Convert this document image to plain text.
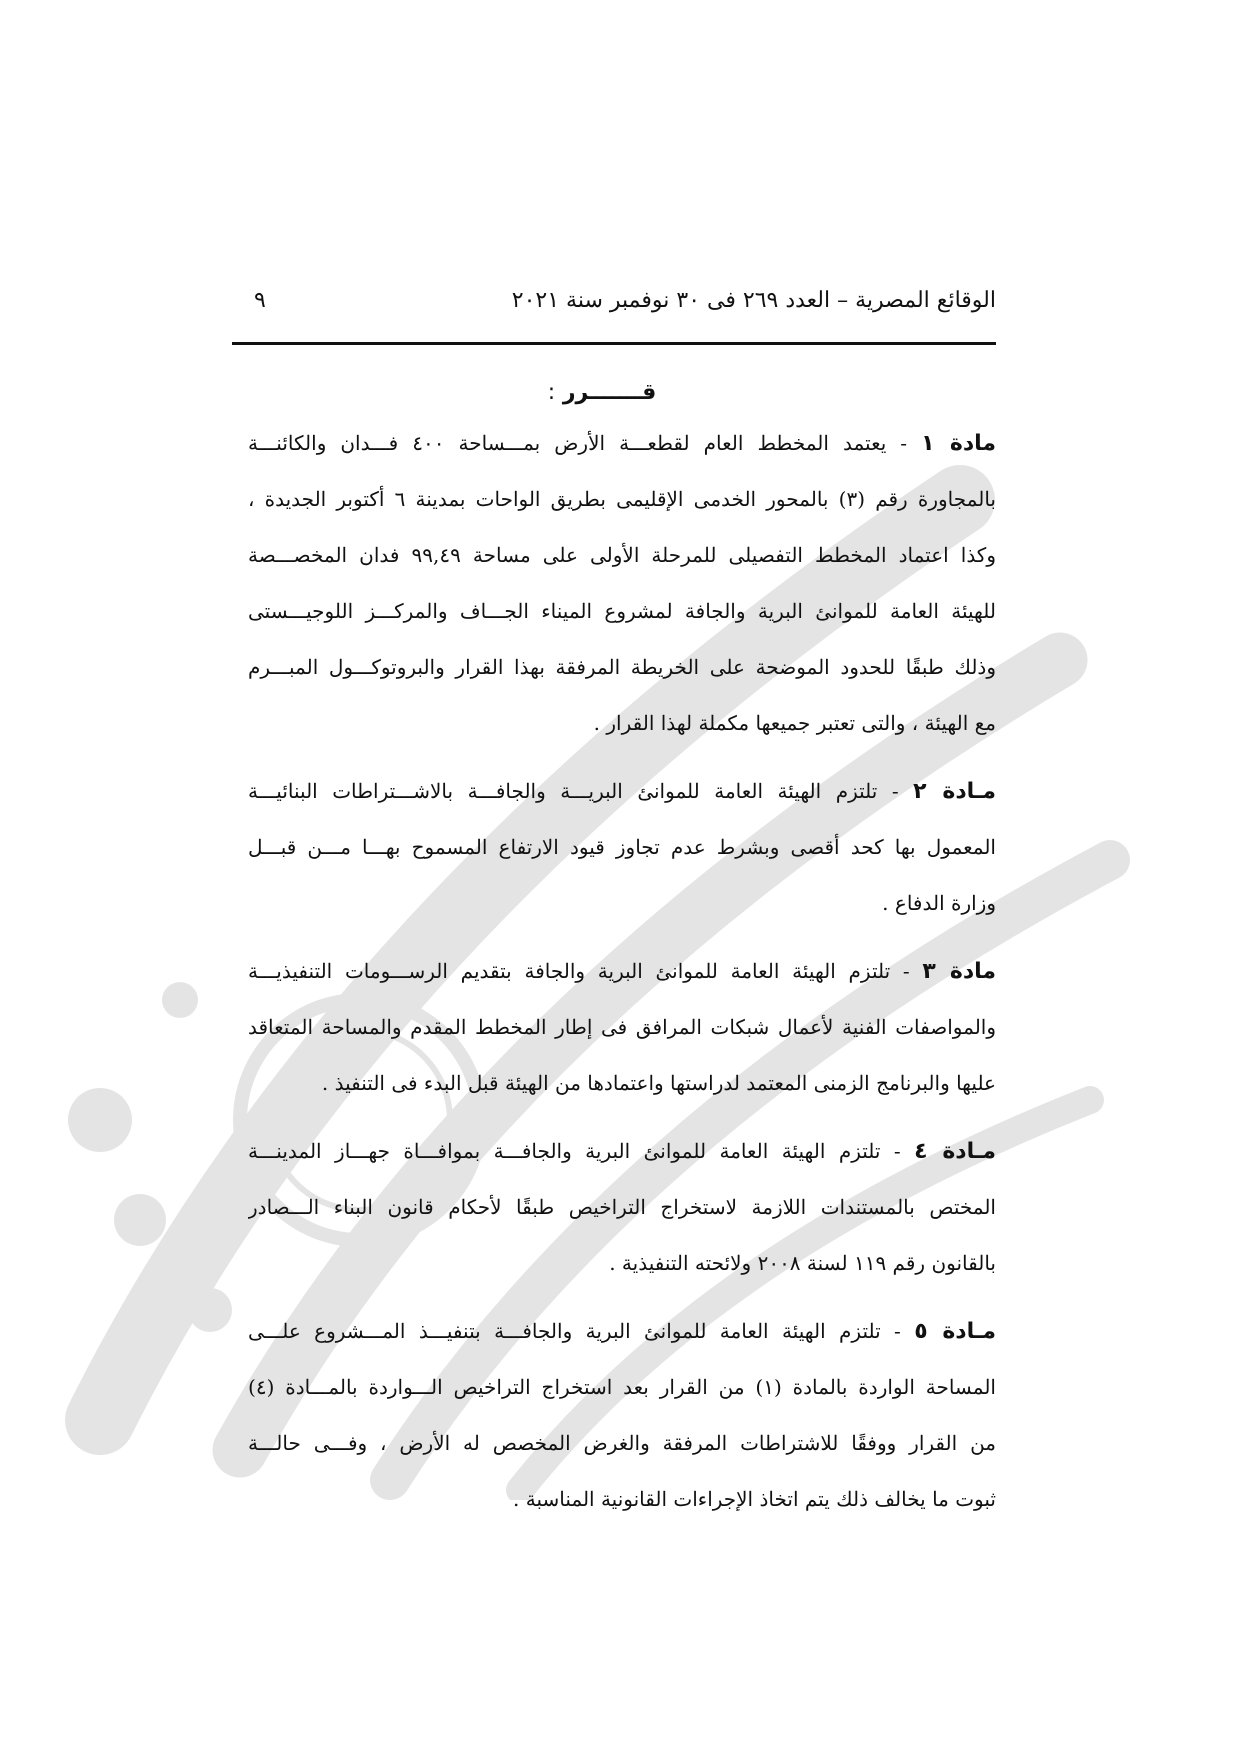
الوقائع المصرية – العدد ٢٦٩ فى ٣٠ نوفمبر سنة ٢٠٢١
٩
قـــــــرر :
مادة ١ - يعتمد المخطط العام لقطعـــة الأرض بمـــساحة ٤٠٠ فـــدان والكائنـــة
بالمجاورة رقم (٣) بالمحور الخدمى الإقليمى بطريق الواحات بمدينة ٦ أكتوبر الجديدة ،
وكذا اعتماد المخطط التفصيلى للمرحلة الأولى على مساحة ٩٩,٤٩ فدان المخصـــصة
للهيئة العامة للموانئ البرية والجافة لمشروع الميناء الجـــاف والمركـــز اللوجيـــستى
وذلك طبقًا للحدود الموضحة على الخريطة المرفقة بهذا القرار والبروتوكـــول المبـــرم
مع الهيئة ، والتى تعتبر جميعها مكملة لهذا القرار .
مـادة ٢ - تلتزم الهيئة العامة للموانئ البريـــة والجافـــة بالاشـــتراطات البنائيـــة
المعمول بها كحد أقصى وبشرط عدم تجاوز قيود الارتفاع المسموح بهـــا مـــن قبـــل
وزارة الدفاع .
مادة ٣ - تلتزم الهيئة العامة للموانئ البرية والجافة بتقديم الرســـومات التنفيذيـــة
والمواصفات الفنية لأعمال شبكات المرافق فى إطار المخطط المقدم والمساحة المتعاقد
عليها والبرنامج الزمنى المعتمد لدراستها واعتمادها من الهيئة قبل البدء فى التنفيذ .
مـادة ٤ - تلتزم الهيئة العامة للموانئ البرية والجافـــة بموافـــاة جهـــاز المدينـــة
المختص بالمستندات اللازمة لاستخراج التراخيص طبقًا لأحكام قانون البناء الـــصادر
بالقانون رقم ١١٩ لسنة ٢٠٠٨ ولائحته التنفيذية .
مـادة ٥ - تلتزم الهيئة العامة للموانئ البرية والجافـــة بتنفيـــذ المـــشروع علـــى
المساحة الواردة بالمادة (١) من القرار بعد استخراج التراخيص الـــواردة بالمـــادة (٤)
من القرار ووفقًا للاشتراطات المرفقة والغرض المخصص له الأرض ، وفـــى حالـــة
ثبوت ما يخالف ذلك يتم اتخاذ الإجراءات القانونية المناسبة .
